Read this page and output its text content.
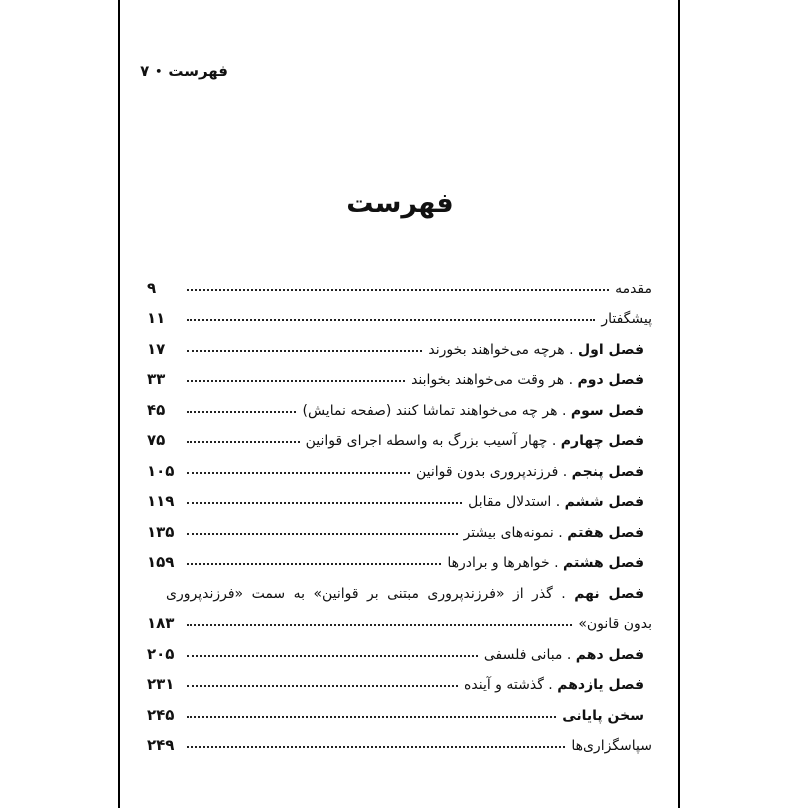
فهرست
•
۷
فهرست
مقدمه
۹
پیشگفتار
۱۱
فصل اول . هرچه می‌خواهند بخورند
۱۷
فصل دوم . هر وقت می‌خواهند بخوابند
۳۳
فصل سوم . هر چه می‌خواهند تماشا کنند (صفحه نمایش)
۴۵
فصل چهارم . چهار آسیب بزرگ به واسطه اجرای قوانین
۷۵
فصل پنجم . فرزندپروری بدون قوانین
۱۰۵
فصل ششم . استدلال مقابل
۱۱۹
فصل هفتم . نمونه‌های بیشتر
۱۳۵
فصل هشتم . خواهرها و برادرها
۱۵۹
فصل نهم . گذر از «فرزندپروری مبتنی بر قوانین» به سمت «فرزندپروری
بدون قانون»
۱۸۳
فصل دهم . مبانی فلسفی
۲۰۵
فصل یازدهم . گذشته و آینده
۲۳۱
سخن پایانی
۲۴۵
سپاسگزاری‌ها
۲۴۹
